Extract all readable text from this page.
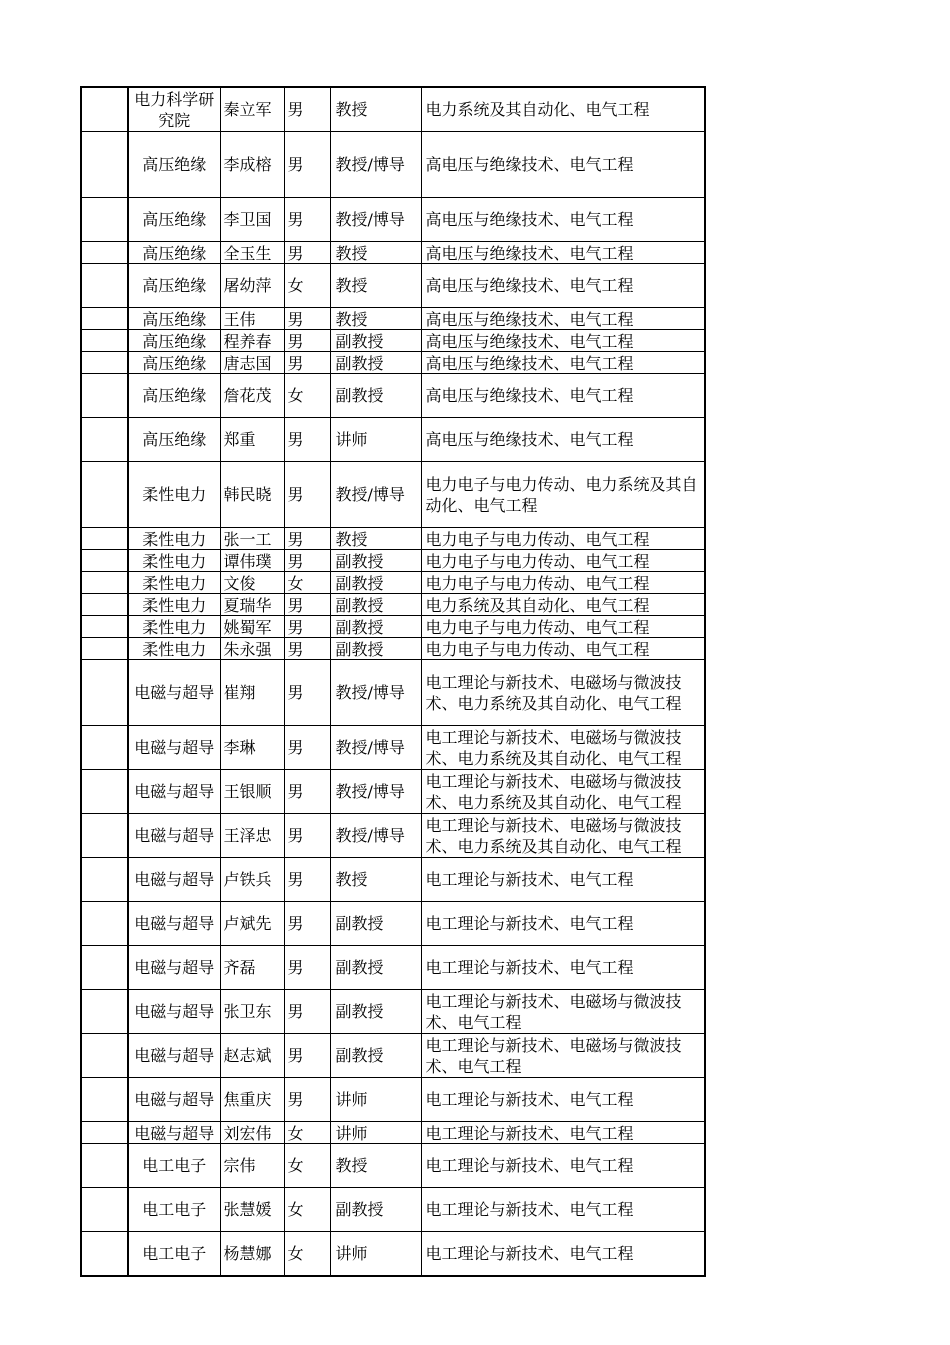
	电力科学研究院	秦立军	男	教授	电力系统及其自动化、电气工程

	高压绝缘	李成榕	男	教授/博导	高电压与绝缘技术、电气工程

	高压绝缘	李卫国	男	教授/博导	高电压与绝缘技术、电气工程

	高压绝缘	全玉生	男	教授	高电压与绝缘技术、电气工程

	高压绝缘	屠幼萍	女	教授	高电压与绝缘技术、电气工程

	高压绝缘	王伟	男	教授	高电压与绝缘技术、电气工程

	高压绝缘	程养春	男	副教授	高电压与绝缘技术、电气工程

	高压绝缘	唐志国	男	副教授	高电压与绝缘技术、电气工程

	高压绝缘	詹花茂	女	副教授	高电压与绝缘技术、电气工程

	高压绝缘	郑重	男	讲师	高电压与绝缘技术、电气工程

	柔性电力	韩民晓	男	教授/博导	电力电子与电力传动、电力系统及其自动化、电气工程

	柔性电力	张一工	男	教授	电力电子与电力传动、电气工程

	柔性电力	谭伟璞	男	副教授	电力电子与电力传动、电气工程

	柔性电力	文俊	女	副教授	电力电子与电力传动、电气工程

	柔性电力	夏瑞华	男	副教授	电力系统及其自动化、电气工程

	柔性电力	姚蜀军	男	副教授	电力电子与电力传动、电气工程

	柔性电力	朱永强	男	副教授	电力电子与电力传动、电气工程

	电磁与超导	崔翔	男	教授/博导	电工理论与新技术、电磁场与微波技术、电力系统及其自动化、电气工程

	电磁与超导	李琳	男	教授/博导	电工理论与新技术、电磁场与微波技术、电力系统及其自动化、电气工程

	电磁与超导	王银顺	男	教授/博导	电工理论与新技术、电磁场与微波技术、电力系统及其自动化、电气工程

	电磁与超导	王泽忠	男	教授/博导	电工理论与新技术、电磁场与微波技术、电力系统及其自动化、电气工程

	电磁与超导	卢铁兵	男	教授	电工理论与新技术、电气工程

	电磁与超导	卢斌先	男	副教授	电工理论与新技术、电气工程

	电磁与超导	齐磊	男	副教授	电工理论与新技术、电气工程

	电磁与超导	张卫东	男	副教授	电工理论与新技术、电磁场与微波技术、电气工程

	电磁与超导	赵志斌	男	副教授	电工理论与新技术、电磁场与微波技术、电气工程

	电磁与超导	焦重庆	男	讲师	电工理论与新技术、电气工程

	电磁与超导	刘宏伟	女	讲师	电工理论与新技术、电气工程

	电工电子	宗伟	女	教授	电工理论与新技术、电气工程

	电工电子	张慧媛	女	副教授	电工理论与新技术、电气工程

	电工电子	杨慧娜	女	讲师	电工理论与新技术、电气工程
